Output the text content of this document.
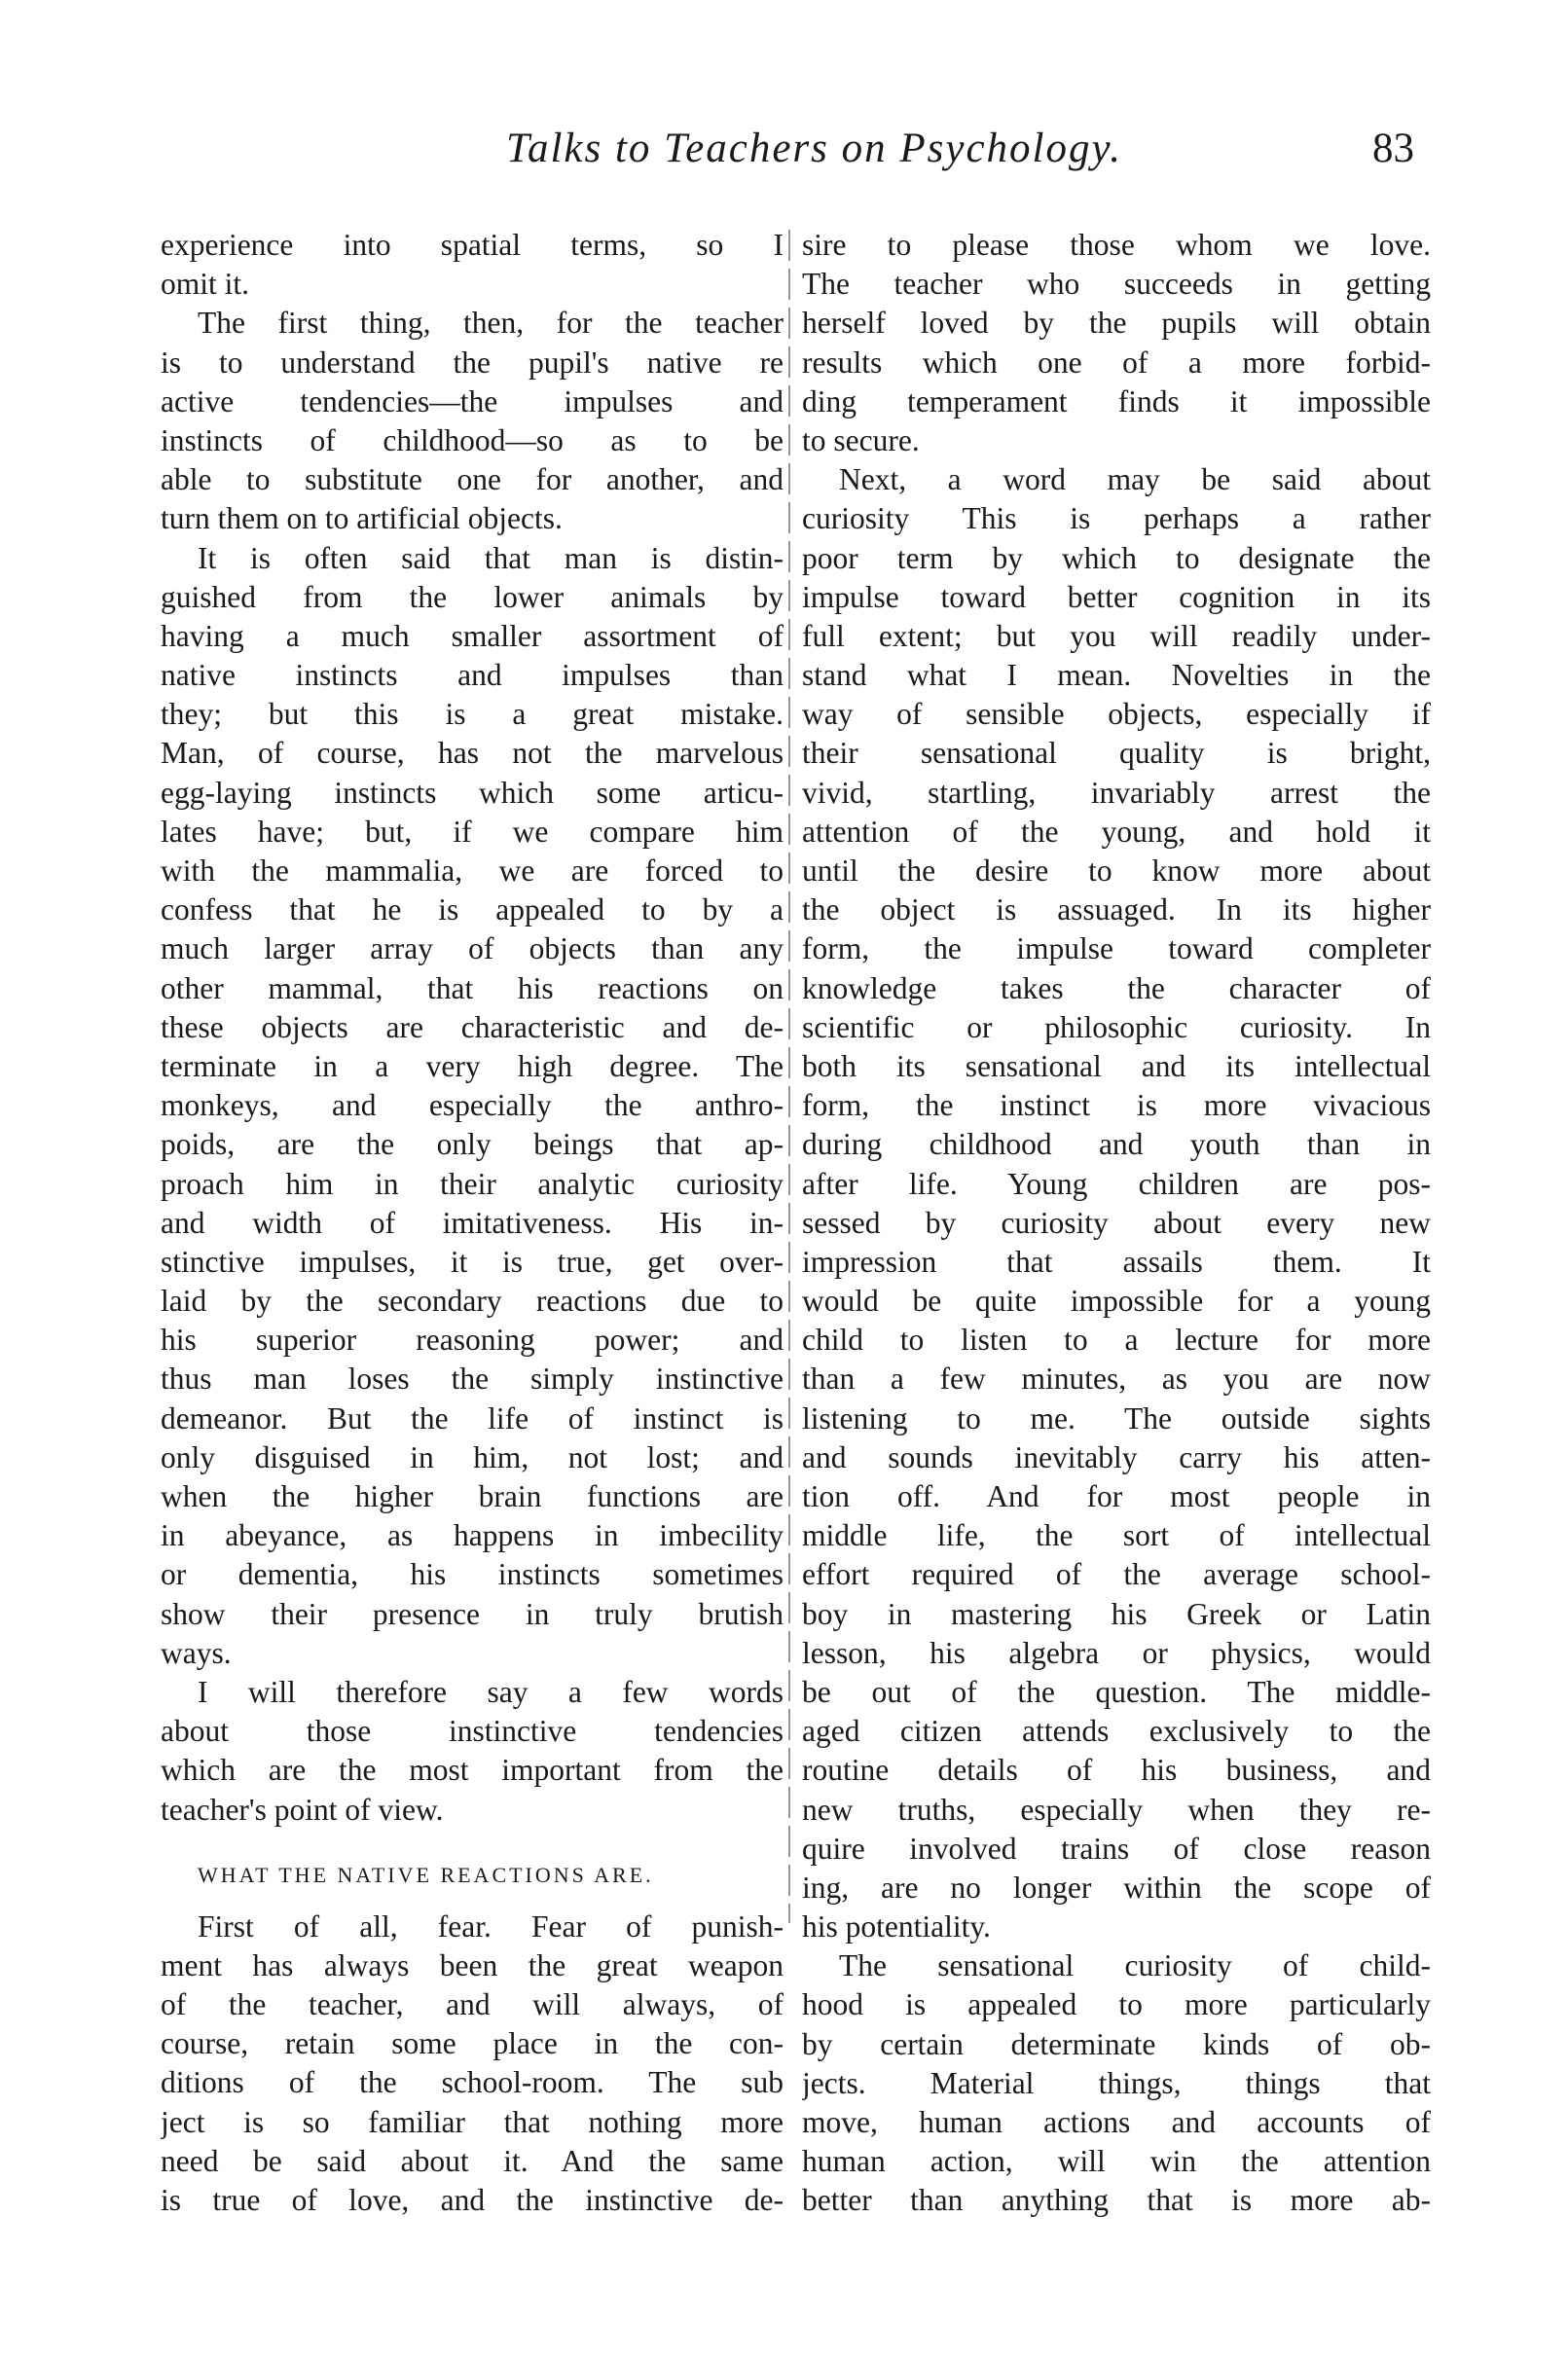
Talks to Teachers on Psychology.	83
experience into spatial terms, so I
omit it.
The first thing, then, for the teacher
is to understand the pupil's native re
active tendencies—the impulses and
instincts of childhood—so as to be
able to substitute one for another, and
turn them on to artificial objects.
It is often said that man is distin-
guished from the lower animals by
having a much smaller assortment of
native instincts and impulses than
they; but this is a great mistake.
Man, of course, has not the marvelous
egg-laying instincts which some articu-
lates have; but, if we compare him
with the mammalia, we are forced to
confess that he is appealed to by a
much larger array of objects than any
other mammal, that his reactions on
these objects are characteristic and de-
terminate in a very high degree. The
monkeys, and especially the anthro-
poids, are the only beings that ap-
proach him in their analytic curiosity
and width of imitativeness. His in-
stinctive impulses, it is true, get over-
laid by the secondary reactions due to
his superior reasoning power; and
thus man loses the simply instinctive
demeanor. But the life of instinct is
only disguised in him, not lost; and
when the higher brain functions are
in abeyance, as happens in imbecility
or dementia, his instincts sometimes
show their presence in truly brutish
ways.
I will therefore say a few words
about those instinctive tendencies
which are the most important from the
teacher's point of view.
WHAT THE NATIVE REACTIONS ARE.
First of all, fear. Fear of punish-
ment has always been the great weapon
of the teacher, and will always, of
course, retain some place in the con-
ditions of the school-room. The sub
ject is so familiar that nothing more
need be said about it. And the same
is true of love, and the instinctive de-
sire to please those whom we love.
The teacher who succeeds in getting
herself loved by the pupils will obtain
results which one of a more forbid-
ding temperament finds it impossible
to secure.
Next, a word may be said about
curiosity This is perhaps a rather
poor term by which to designate the
impulse toward better cognition in its
full extent; but you will readily under-
stand what I mean. Novelties in the
way of sensible objects, especially if
their sensational quality is bright,
vivid, startling, invariably arrest the
attention of the young, and hold it
until the desire to know more about
the object is assuaged. In its higher
form, the impulse toward completer
knowledge takes the character of
scientific or philosophic curiosity. In
both its sensational and its intellectual
form, the instinct is more vivacious
during childhood and youth than in
after life. Young children are pos-
sessed by curiosity about every new
impression that assails them. It
would be quite impossible for a young
child to listen to a lecture for more
than a few minutes, as you are now
listening to me. The outside sights
and sounds inevitably carry his atten-
tion off. And for most people in
middle life, the sort of intellectual
effort required of the average school-
boy in mastering his Greek or Latin
lesson, his algebra or physics, would
be out of the question. The middle-
aged citizen attends exclusively to the
routine details of his business, and
new truths, especially when they re-
quire involved trains of close reason
ing, are no longer within the scope of
his potentiality.
The sensational curiosity of child-
hood is appealed to more particularly
by certain determinate kinds of ob-
jects. Material things, things that
move, human actions and accounts of
human action, will win the attention
better than anything that is more ab-
